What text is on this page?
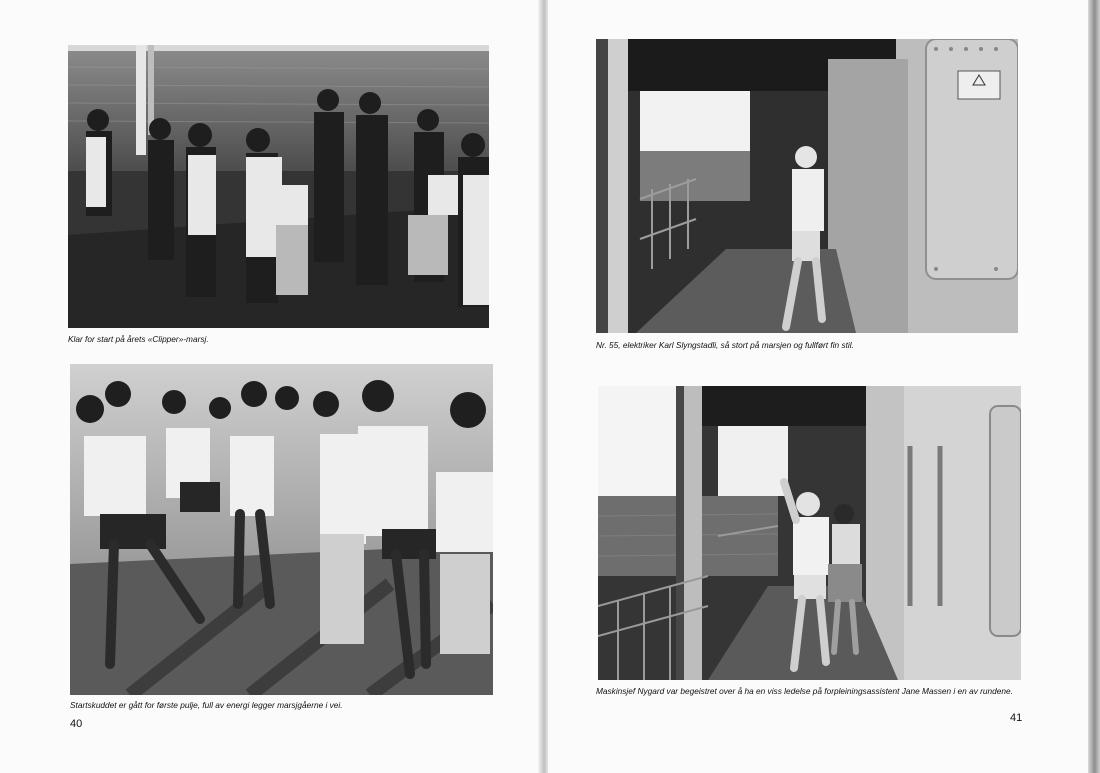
Klar for start på årets «Clipper»-marsj.

Startskuddet er gått for første pulje, full av energi legger marsjgåerne i vei.

40

Nr. 55, elektriker Karl Slyngstadli, så stort på marsjen og fullført fin stil.

Maskinsjef Nygard var begeistret over å ha en viss ledelse på forpleiningsassistent Jane Massen i en av rundene.

41
